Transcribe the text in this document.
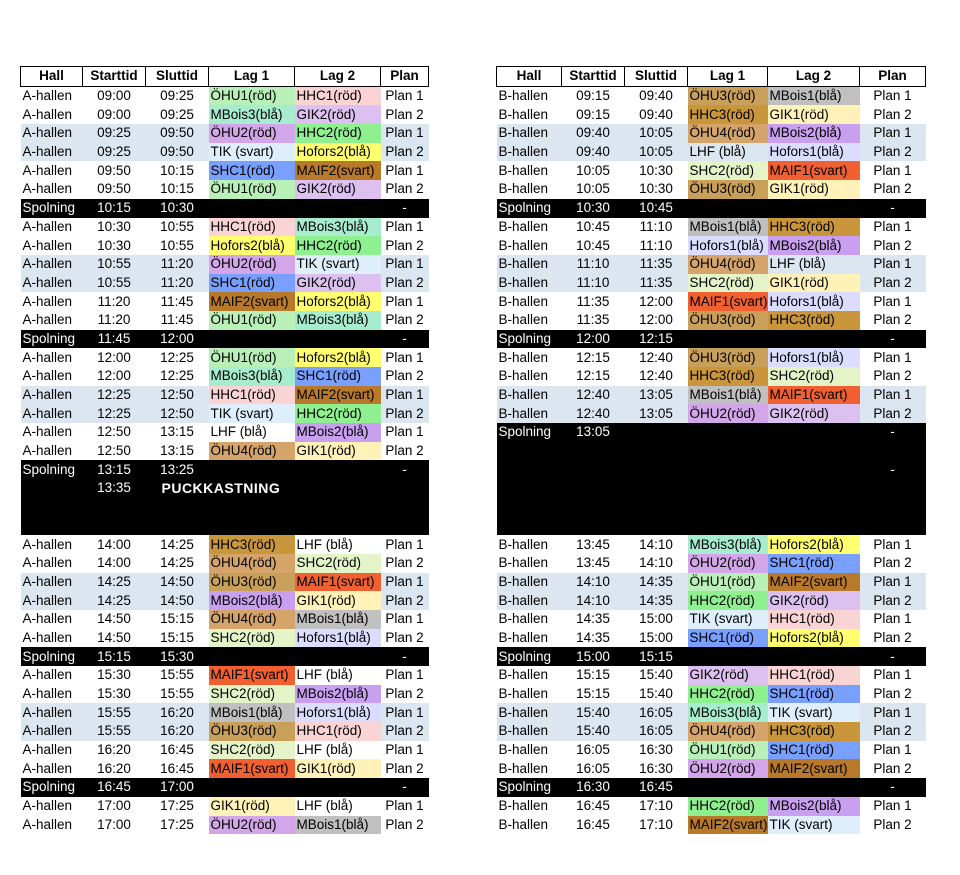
Hall	Starttid	Sluttid	Lag 1	Lag 2	Plan
A-hallen	09:00	09:25	ÖHU1(röd)	HHC1(röd)	Plan 1
A-hallen	09:00	09:25	MBois3(blå)	GIK2(röd)	Plan 2
A-hallen	09:25	09:50	ÖHU2(röd)	HHC2(röd)	Plan 1
A-hallen	09:25	09:50	TIK (svart)	Hofors2(blå)	Plan 2
A-hallen	09:50	10:15	SHC1(röd)	MAIF2(svart)	Plan 1
A-hallen	09:50	10:15	ÖHU1(röd)	GIK2(röd)	Plan 2
Spolning	10:15	10:30			-
A-hallen	10:30	10:55	HHC1(röd)	MBois3(blå)	Plan 1
A-hallen	10:30	10:55	Hofors2(blå)	HHC2(röd)	Plan 2
A-hallen	10:55	11:20	ÖHU2(röd)	TIK (svart)	Plan 1
A-hallen	10:55	11:20	SHC1(röd)	GIK2(röd)	Plan 2
A-hallen	11:20	11:45	MAIF2(svart)	Hofors2(blå)	Plan 1
A-hallen	11:20	11:45	ÖHU1(röd)	MBois3(blå)	Plan 2
Spolning	11:45	12:00			-
A-hallen	12:00	12:25	ÖHU1(röd)	Hofors2(blå)	Plan 1
A-hallen	12:00	12:25	MBois3(blå)	SHC1(röd)	Plan 2
A-hallen	12:25	12:50	HHC1(röd)	MAIF2(svart)	Plan 1
A-hallen	12:25	12:50	TIK (svart)	HHC2(röd)	Plan 2
A-hallen	12:50	13:15	LHF (blå)	MBois2(blå)	Plan 1
A-hallen	12:50	13:15	ÖHU4(röd)	GIK1(röd)	Plan 2
Spolning	13:15	13:25			-
	13:35	PUCKKASTNING			

A-hallen	14:00	14:25	HHC3(röd)	LHF (blå)	Plan 1
A-hallen	14:00	14:25	ÖHU4(röd)	SHC2(röd)	Plan 2
A-hallen	14:25	14:50	ÖHU3(röd)	MAIF1(svart)	Plan 1
A-hallen	14:25	14:50	MBois2(blå)	GIK1(röd)	Plan 2
A-hallen	14:50	15:15	ÖHU4(röd)	MBois1(blå)	Plan 1
A-hallen	14:50	15:15	SHC2(röd)	Hofors1(blå)	Plan 2
Spolning	15:15	15:30			-
A-hallen	15:30	15:55	MAIF1(svart)	LHF (blå)	Plan 1
A-hallen	15:30	15:55	SHC2(röd)	MBois2(blå)	Plan 2
A-hallen	15:55	16:20	MBois1(blå)	Hofors1(blå)	Plan 1
A-hallen	15:55	16:20	ÖHU3(röd)	HHC1(röd)	Plan 2
A-hallen	16:20	16:45	SHC2(röd)	LHF (blå)	Plan 1
A-hallen	16:20	16:45	MAIF1(svart)	GIK1(röd)	Plan 2
Spolning	16:45	17:00			-
A-hallen	17:00	17:25	GIK1(röd)	LHF (blå)	Plan 1
A-hallen	17:00	17:25	ÖHU2(röd)	MBois1(blå)	Plan 2
Hall	Starttid	Sluttid	Lag 1	Lag 2	Plan
B-hallen	09:15	09:40	ÖHU3(röd)	MBois1(blå)	Plan 1
B-hallen	09:15	09:40	HHC3(röd)	GIK1(röd)	Plan 2
B-hallen	09:40	10:05	ÖHU4(röd)	MBois2(blå)	Plan 1
B-hallen	09:40	10:05	LHF (blå)	Hofors1(blå)	Plan 2
B-hallen	10:05	10:30	SHC2(röd)	MAIF1(svart)	Plan 1
B-hallen	10:05	10:30	ÖHU3(röd)	GIK1(röd)	Plan 2
Spolning	10:30	10:45			-
B-hallen	10:45	11:10	MBois1(blå)	HHC3(röd)	Plan 1
B-hallen	10:45	11:10	Hofors1(blå)	MBois2(blå)	Plan 2
B-hallen	11:10	11:35	ÖHU4(röd)	LHF (blå)	Plan 1
B-hallen	11:10	11:35	SHC2(röd)	GIK1(röd)	Plan 2
B-hallen	11:35	12:00	MAIF1(svart)	Hofors1(blå)	Plan 1
B-hallen	11:35	12:00	ÖHU3(röd)	HHC3(röd)	Plan 2
Spolning	12:00	12:15			-
B-hallen	12:15	12:40	ÖHU3(röd)	Hofors1(blå)	Plan 1
B-hallen	12:15	12:40	HHC3(röd)	SHC2(röd)	Plan 2
B-hallen	12:40	13:05	MBois1(blå)	MAIF1(svart)	Plan 1
B-hallen	12:40	13:05	ÖHU2(röd)	GIK2(röd)	Plan 2
Spolning	13:05				-

					-

B-hallen	13:45	14:10	MBois3(blå)	Hofors2(blå)	Plan 1
B-hallen	13:45	14:10	ÖHU2(röd)	SHC1(röd)	Plan 2
B-hallen	14:10	14:35	ÖHU1(röd)	MAIF2(svart)	Plan 1
B-hallen	14:10	14:35	HHC2(röd)	GIK2(röd)	Plan 2
B-hallen	14:35	15:00	TIK (svart)	HHC1(röd)	Plan 1
B-hallen	14:35	15:00	SHC1(röd)	Hofors2(blå)	Plan 2
Spolning	15:00	15:15			-
B-hallen	15:15	15:40	GIK2(röd)	HHC1(röd)	Plan 1
B-hallen	15:15	15:40	HHC2(röd)	SHC1(röd)	Plan 2
B-hallen	15:40	16:05	MBois3(blå)	TIK (svart)	Plan 1
B-hallen	15:40	16:05	ÖHU4(röd)	HHC3(röd)	Plan 2
B-hallen	16:05	16:30	ÖHU1(röd)	SHC1(röd)	Plan 1
B-hallen	16:05	16:30	ÖHU2(röd)	MAIF2(svart)	Plan 2
Spolning	16:30	16:45			-
B-hallen	16:45	17:10	HHC2(röd)	MBois2(blå)	Plan 1
B-hallen	16:45	17:10	MAIF2(svart)	TIK (svart)	Plan 2
